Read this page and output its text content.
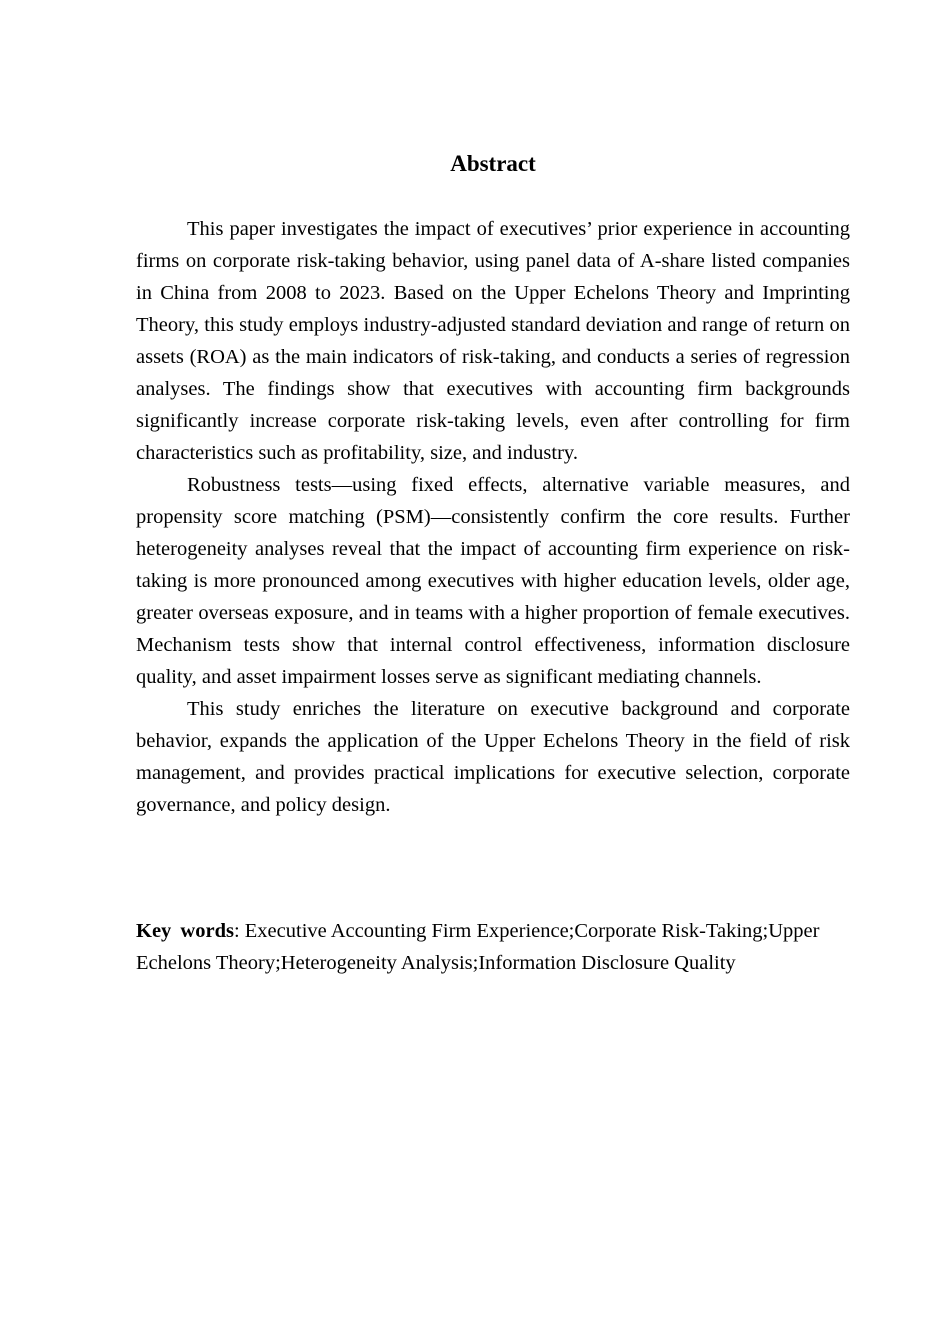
Abstract

This paper investigates the impact of executives’ prior experience in accounting firms on corporate risk-taking behavior, using panel data of A-share listed companies in China from 2008 to 2023. Based on the Upper Echelons Theory and Imprinting Theory, this study employs industry-adjusted standard deviation and range of return on assets (ROA) as the main indicators of risk-taking, and conducts a series of regression analyses. The findings show that executives with accounting firm backgrounds significantly increase corporate risk-taking levels, even after controlling for firm characteristics such as profitability, size, and industry.

Robustness tests—using fixed effects, alternative variable measures, and propensity score matching (PSM)—consistently confirm the core results. Further heterogeneity analyses reveal that the impact of accounting firm experience on risk-taking is more pronounced among executives with higher education levels, older age, greater overseas exposure, and in teams with a higher proportion of female executives. Mechanism tests show that internal control effectiveness, information disclosure quality, and asset impairment losses serve as significant mediating channels.

This study enriches the literature on executive background and corporate behavior, expands the application of the Upper Echelons Theory in the field of risk management, and provides practical implications for executive selection, corporate governance, and policy design.

Key words: Executive Accounting Firm Experience;Corporate Risk-Taking;Upper Echelons Theory;Heterogeneity Analysis;Information Disclosure Quality
